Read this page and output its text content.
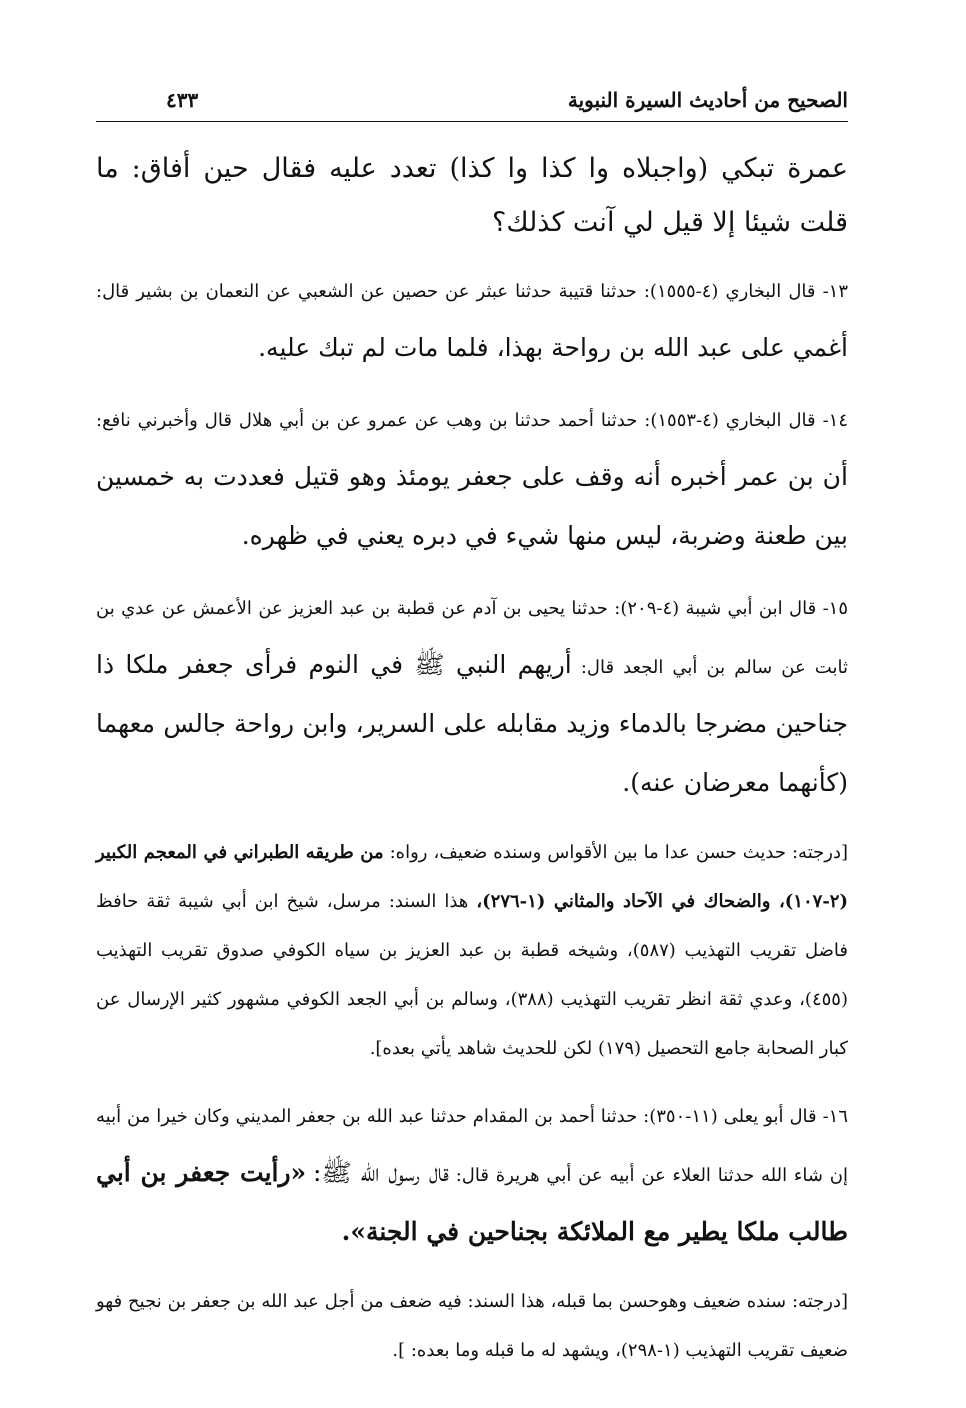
الصحيح من أحاديث السيرة النبوية
٤٣٣

عمرة تبكي (واجبلاه وا كذا وا كذا) تعدد عليه فقال حين أفاق: ما قلت شيئا إلا قيل لي آنت كذلك؟

١٣- قال البخاري (٤-١٥٥٥): حدثنا قتيبة حدثنا عبثر عن حصين عن الشعبي عن النعمان بن بشير قال: أغمي على عبد الله بن رواحة بهذا، فلما مات لم تبك عليه.

١٤- قال البخاري (٤-١٥٥٣): حدثنا أحمد حدثنا بن وهب عن عمرو عن بن أبي هلال قال وأخبرني نافع: أن بن عمر أخبره أنه وقف على جعفر يومئذ وهو قتيل فعددت به خمسين بين طعنة وضربة، ليس منها شيء في دبره يعني في ظهره.

١٥- قال ابن أبي شيبة (٤-٢٠٩): حدثنا يحيى بن آدم عن قطبة بن عبد العزيز عن الأعمش عن عدي بن ثابت عن سالم بن أبي الجعد قال: أريهم النبي ﷺ في النوم فرأى جعفر ملكا ذا جناحين مضرجا بالدماء وزيد مقابله على السرير، وابن رواحة جالس معهما (كأنهما معرضان عنه).

[درجته: حديث حسن عدا ما بين الأقواس وسنده ضعيف، رواه: من طريقه الطبراني في المعجم الكبير (٢-١٠٧)، والضحاك في الآحاد والمثاني (١-٢٧٦)، هذا السند: مرسل، شيخ ابن أبي شيبة ثقة حافظ فاضل تقريب التهذيب (٥٨٧)، وشيخه قطبة بن عبد العزيز بن سياه الكوفي صدوق تقريب التهذيب (٤٥٥)، وعدي ثقة انظر تقريب التهذيب (٣٨٨)، وسالم بن أبي الجعد الكوفي مشهور كثير الإرسال عن كبار الصحابة جامع التحصيل (١٧٩) لكن للحديث شاهد يأتي بعده].

١٦- قال أبو يعلى (١١-٣٥٠): حدثنا أحمد بن المقدام حدثنا عبد الله بن جعفر المديني وكان خيرا من أبيه إن شاء الله حدثنا العلاء عن أبيه عن أبي هريرة قال: قال رسول الله ﷺ: «رأيت جعفر بن أبي طالب ملكا يطير مع الملائكة بجناحين في الجنة».

[درجته: سنده ضعيف وهوحسن بما قبله، هذا السند: فيه ضعف من أجل عبد الله بن جعفر بن نجيح فهو ضعيف تقريب التهذيب (١-٢٩٨)، ويشهد له ما قبله وما بعده: ].
